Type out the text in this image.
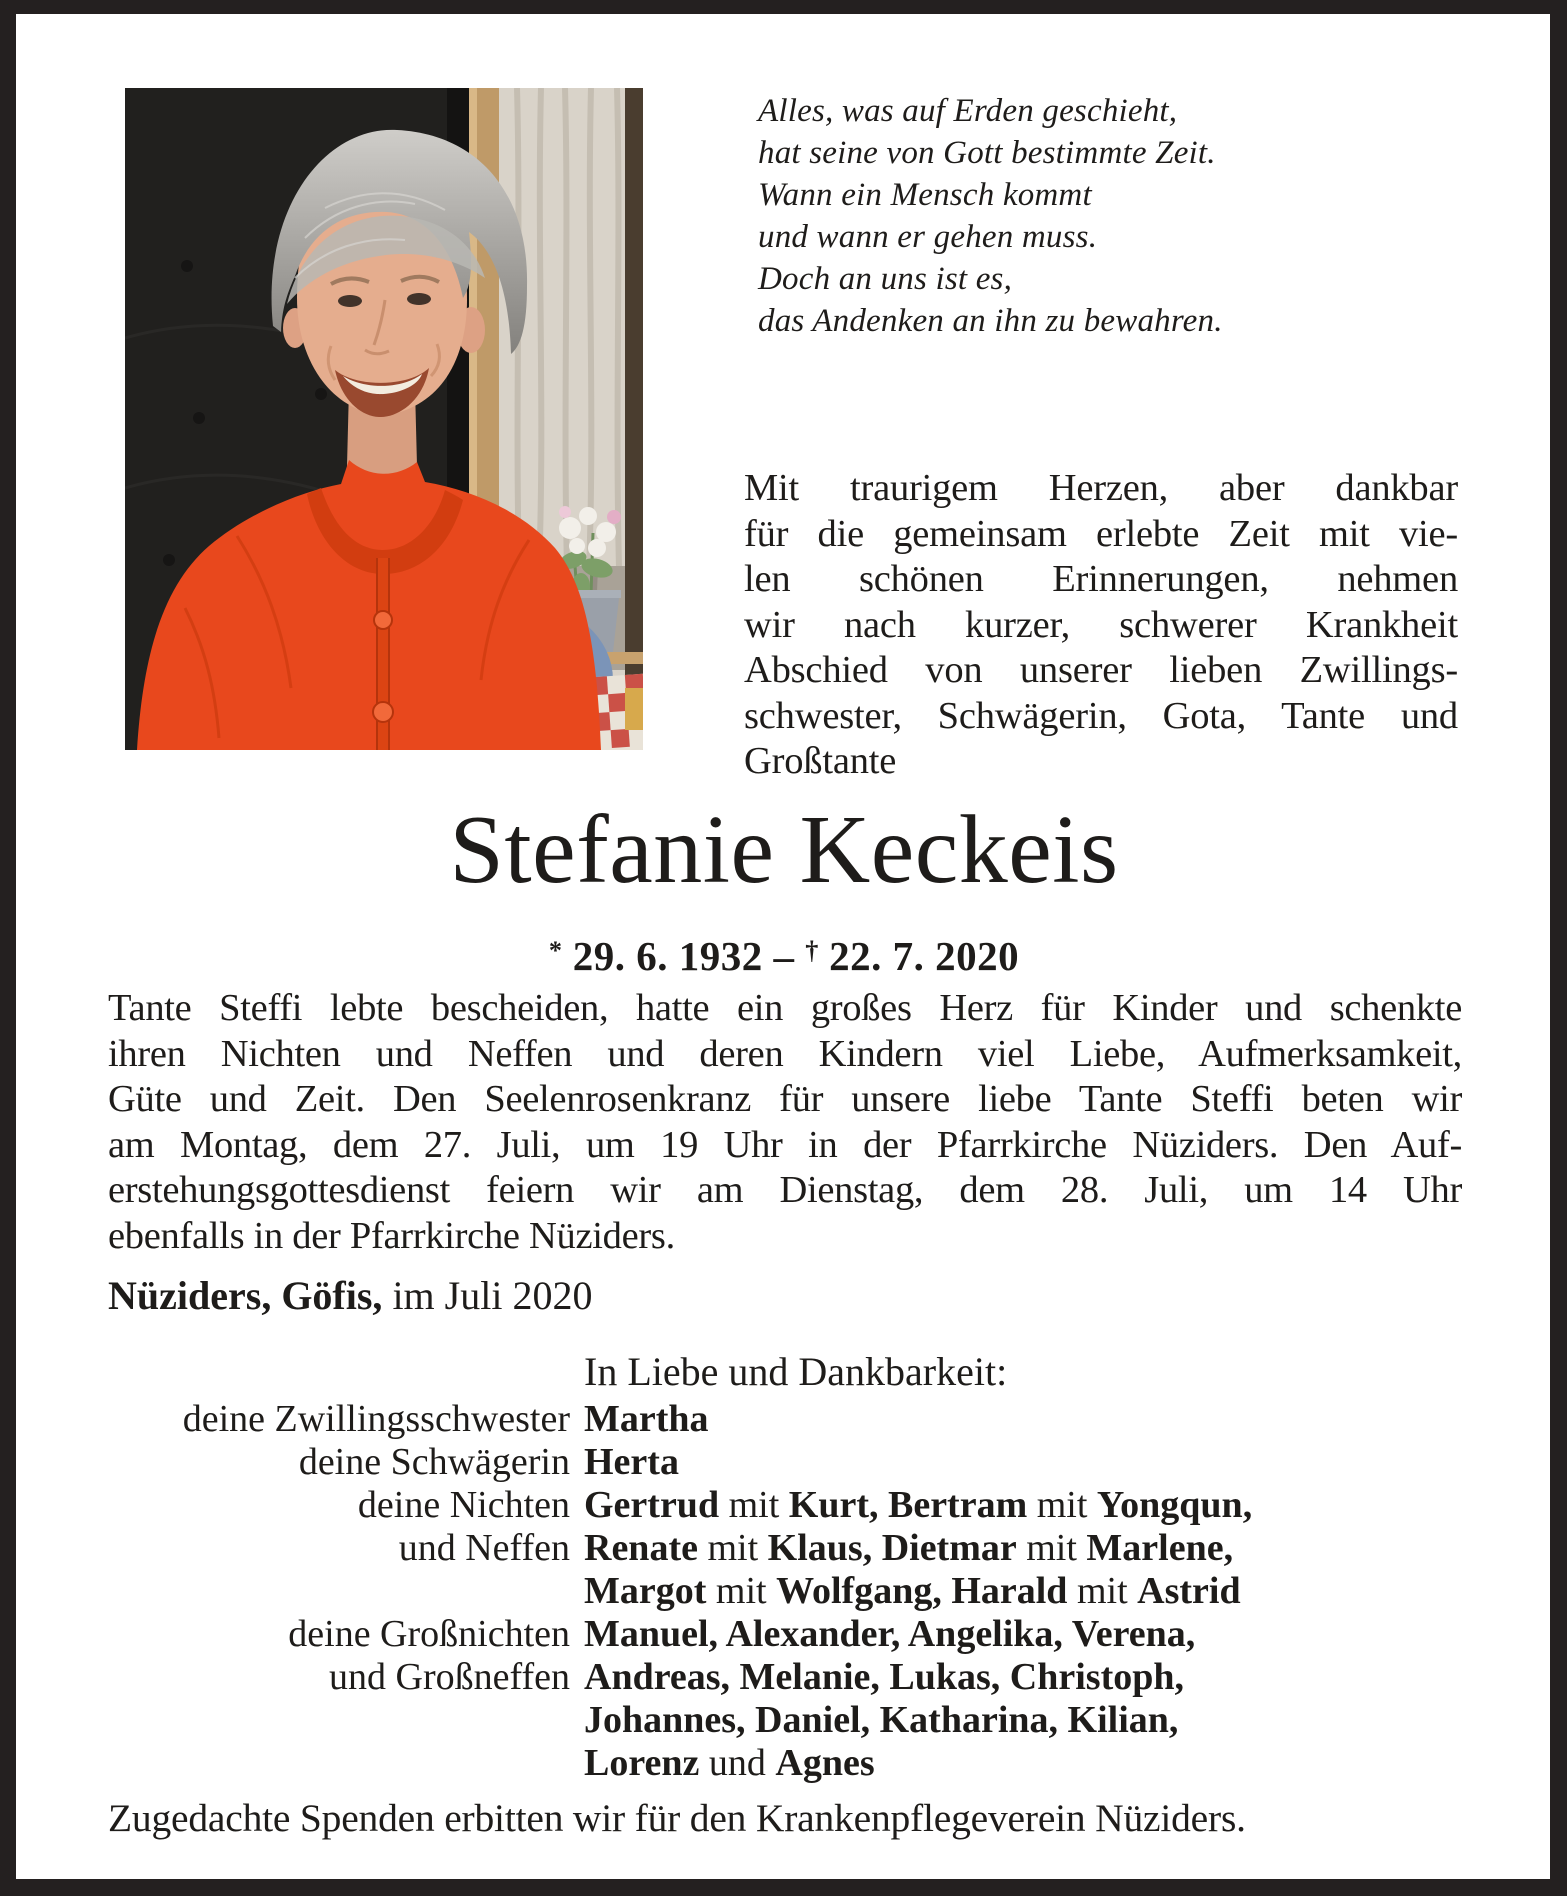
Alles, was auf Erden geschieht,
hat seine von Gott bestimmte Zeit.
Wann ein Mensch kommt
und wann er gehen muss.
Doch an uns ist es,
das Andenken an ihn zu bewahren.
Mit traurigem Herzen, aber dankbar
für die gemeinsam erlebte Zeit mit vie-
len schönen Erinnerungen, nehmen
wir nach kurzer, schwerer Krankheit
Abschied von unserer lieben Zwillings-
schwester, Schwägerin, Gota, Tante und
Großtante
Stefanie Keckeis
* 29. 6. 1932 – † 22. 7. 2020
Tante Steffi lebte bescheiden, hatte ein großes Herz für Kinder und schenkte
ihren Nichten und Neffen und deren Kindern viel Liebe, Aufmerksamkeit,
Güte und Zeit. Den Seelenrosenkranz für unsere liebe Tante Steffi beten wir
am Montag, dem 27. Juli, um 19 Uhr in der Pfarrkirche Nüziders. Den Auf-
erstehungsgottesdienst feiern wir am Dienstag, dem 28. Juli, um 14 Uhr
ebenfalls in der Pfarrkirche Nüziders.
Nüziders, Göfis, im Juli 2020
In Liebe und Dankbarkeit:
deine Zwillingsschwester Martha
deine Schwägerin Herta
deine Nichten Gertrud mit Kurt, Bertram mit Yongqun,
und Neffen Renate mit Klaus, Dietmar mit Marlene,
Margot mit Wolfgang, Harald mit Astrid
deine Großnichten Manuel, Alexander, Angelika, Verena,
und Großneffen Andreas, Melanie, Lukas, Christoph,
Johannes, Daniel, Katharina, Kilian,
Lorenz und Agnes
Zugedachte Spenden erbitten wir für den Krankenpflegeverein Nüziders.
